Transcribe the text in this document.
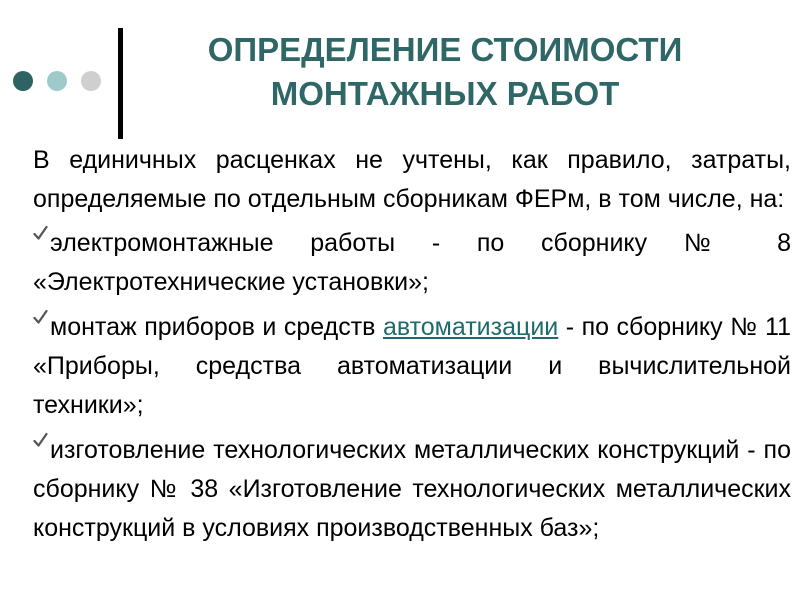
ОПРЕДЕЛЕНИЕ СТОИМОСТИ
МОНТАЖНЫХ РАБОТ

В единичных расценках не учтены, как правило, затраты, определяемые по отдельным сборникам ФЕРм, в том числе, на:

электромонтажные работы - по сборнику № 8 «Электротехнические установки»;

монтаж приборов и средств автоматизации - по сборнику № 11 «Приборы, средства автоматизации и вычислительной техники»;

изготовление технологических металлических конструкций - по сборнику № 38 «Изготовление технологических металлических конструкций в условиях производственных баз»;
